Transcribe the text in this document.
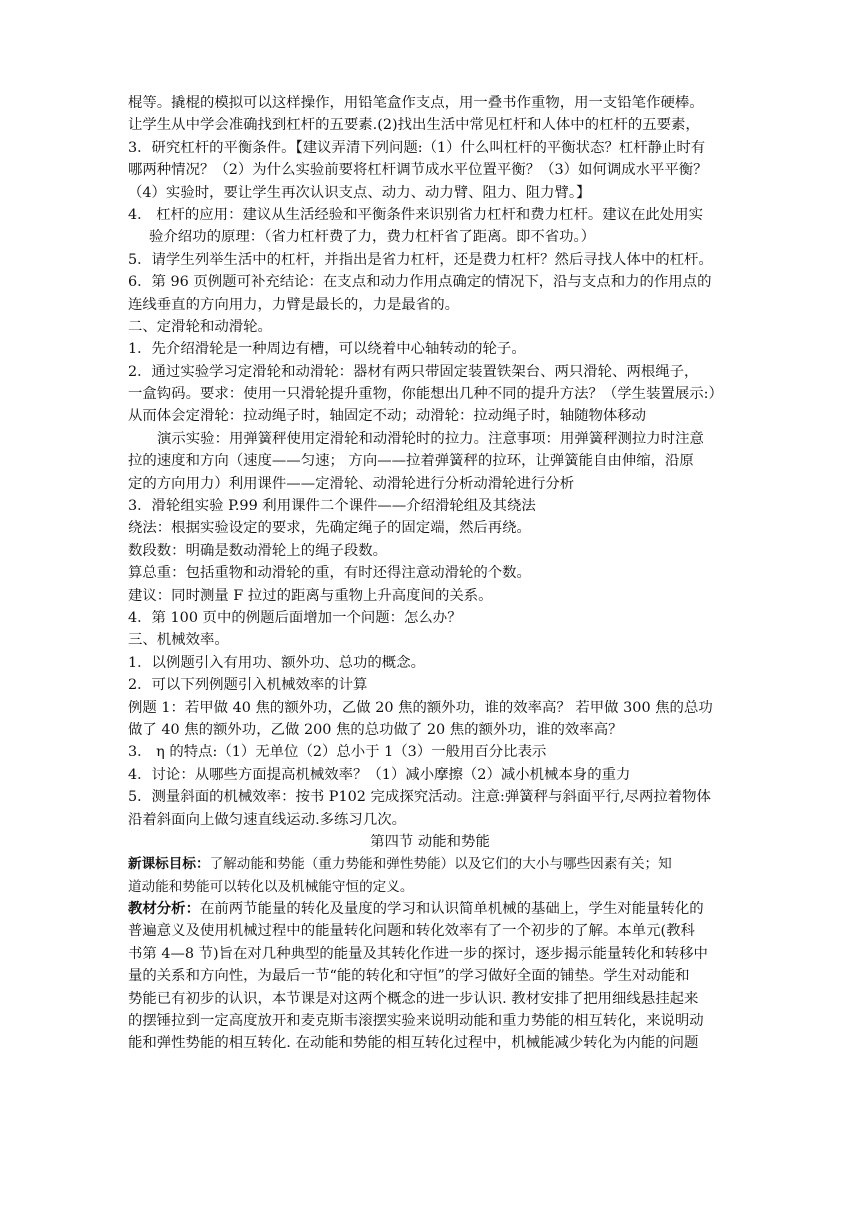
棍等。撬棍的模拟可以这样操作，用铅笔盒作支点，用一叠书作重物，用一支铅笔作硬棒。
让学生从中学会准确找到杠杆的五要素.(2)找出生活中常见杠杆和人体中的杠杆的五要素，
3．研究杠杆的平衡条件。【建议弄清下列问题:（1）什么叫杠杆的平衡状态？杠杆静止时有
哪两种情况？（2）为什么实验前要将杠杆调节成水平位置平衡？（3）如何调成水平平衡？
（4）实验时，要让学生再次认识支点、动力、动力臂、阻力、阻力臂。】
4． 杠杆的应用：建议从生活经验和平衡条件来识别省力杠杆和费力杠杆。建议在此处用实
验介绍功的原理：（省力杠杆费了力，费力杠杆省了距离。即不省功。）
5．请学生列举生活中的杠杆，并指出是省力杠杆，还是费力杠杆？然后寻找人体中的杠杆。
6．第 96 页例题可补充结论：在支点和动力作用点确定的情况下，沿与支点和力的作用点的
连线垂直的方向用力，力臂是最长的，力是最省的。
二、定滑轮和动滑轮。
1．先介绍滑轮是一种周边有槽，可以绕着中心轴转动的轮子。
2．通过实验学习定滑轮和动滑轮：器材有两只带固定装置铁架台、两只滑轮、两根绳子，
一盒钩码。要求：使用一只滑轮提升重物，你能想出几种不同的提升方法？（学生装置展示:）
从而体会定滑轮：拉动绳子时，轴固定不动；动滑轮：拉动绳子时，轴随物体移动
演示实验：用弹簧秤使用定滑轮和动滑轮时的拉力。注意事项：用弹簧秤测拉力时注意
拉的速度和方向（速度——匀速； 方向——拉着弹簧秤的拉环，让弹簧能自由伸缩，沿原
定的方向用力）利用课件——定滑轮、动滑轮进行分析动滑轮进行分析
3．滑轮组实验 P.99 利用课件二个课件——介绍滑轮组及其绕法
绕法：根据实验设定的要求，先确定绳子的固定端，然后再绕。
数段数：明确是数动滑轮上的绳子段数。
算总重：包括重物和动滑轮的重，有时还得注意动滑轮的个数。
建议：同时测量 F 拉过的距离与重物上升高度间的关系。
4．第 100 页中的例题后面增加一个问题：怎么办？
三、机械效率。
1．以例题引入有用功、额外功、总功的概念。
2．可以下列例题引入机械效率的计算
例题 1：若甲做 40 焦的额外功，乙做 20 焦的额外功，谁的效率高？ 若甲做 300 焦的总功
做了 40 焦的额外功，乙做 200 焦的总功做了 20 焦的额外功，谁的效率高？
3． η 的特点:（1）无单位（2）总小于 1（3）一般用百分比表示
4．讨论：从哪些方面提高机械效率？（1）减小摩擦（2）减小机械本身的重力
5．测量斜面的机械效率：按书 P102 完成探究活动。注意:弹簧秤与斜面平行,尽两拉着物体
沿着斜面向上做匀速直线运动.多练习几次。
第四节 动能和势能
新课标目标：了解动能和势能（重力势能和弹性势能）以及它们的大小与哪些因素有关；知
道动能和势能可以转化以及机械能守恒的定义。
教材分析：在前两节能量的转化及量度的学习和认识简单机械的基础上，学生对能量转化的
普遍意义及使用机械过程中的能量转化问题和转化效率有了一个初步的了解。本单元(教科
书第 4—8 节)旨在对几种典型的能量及其转化作进一步的探讨，逐步揭示能量转化和转移中
量的关系和方向性，为最后一节“能的转化和守恒”的学习做好全面的铺垫。学生对动能和
势能已有初步的认识，本节课是对这两个概念的进一步认识. 教材安排了把用细线悬挂起来
的摆锤拉到一定高度放开和麦克斯韦滚摆实验来说明动能和重力势能的相互转化，来说明动
能和弹性势能的相互转化. 在动能和势能的相互转化过程中，机械能减少转化为内能的问题
